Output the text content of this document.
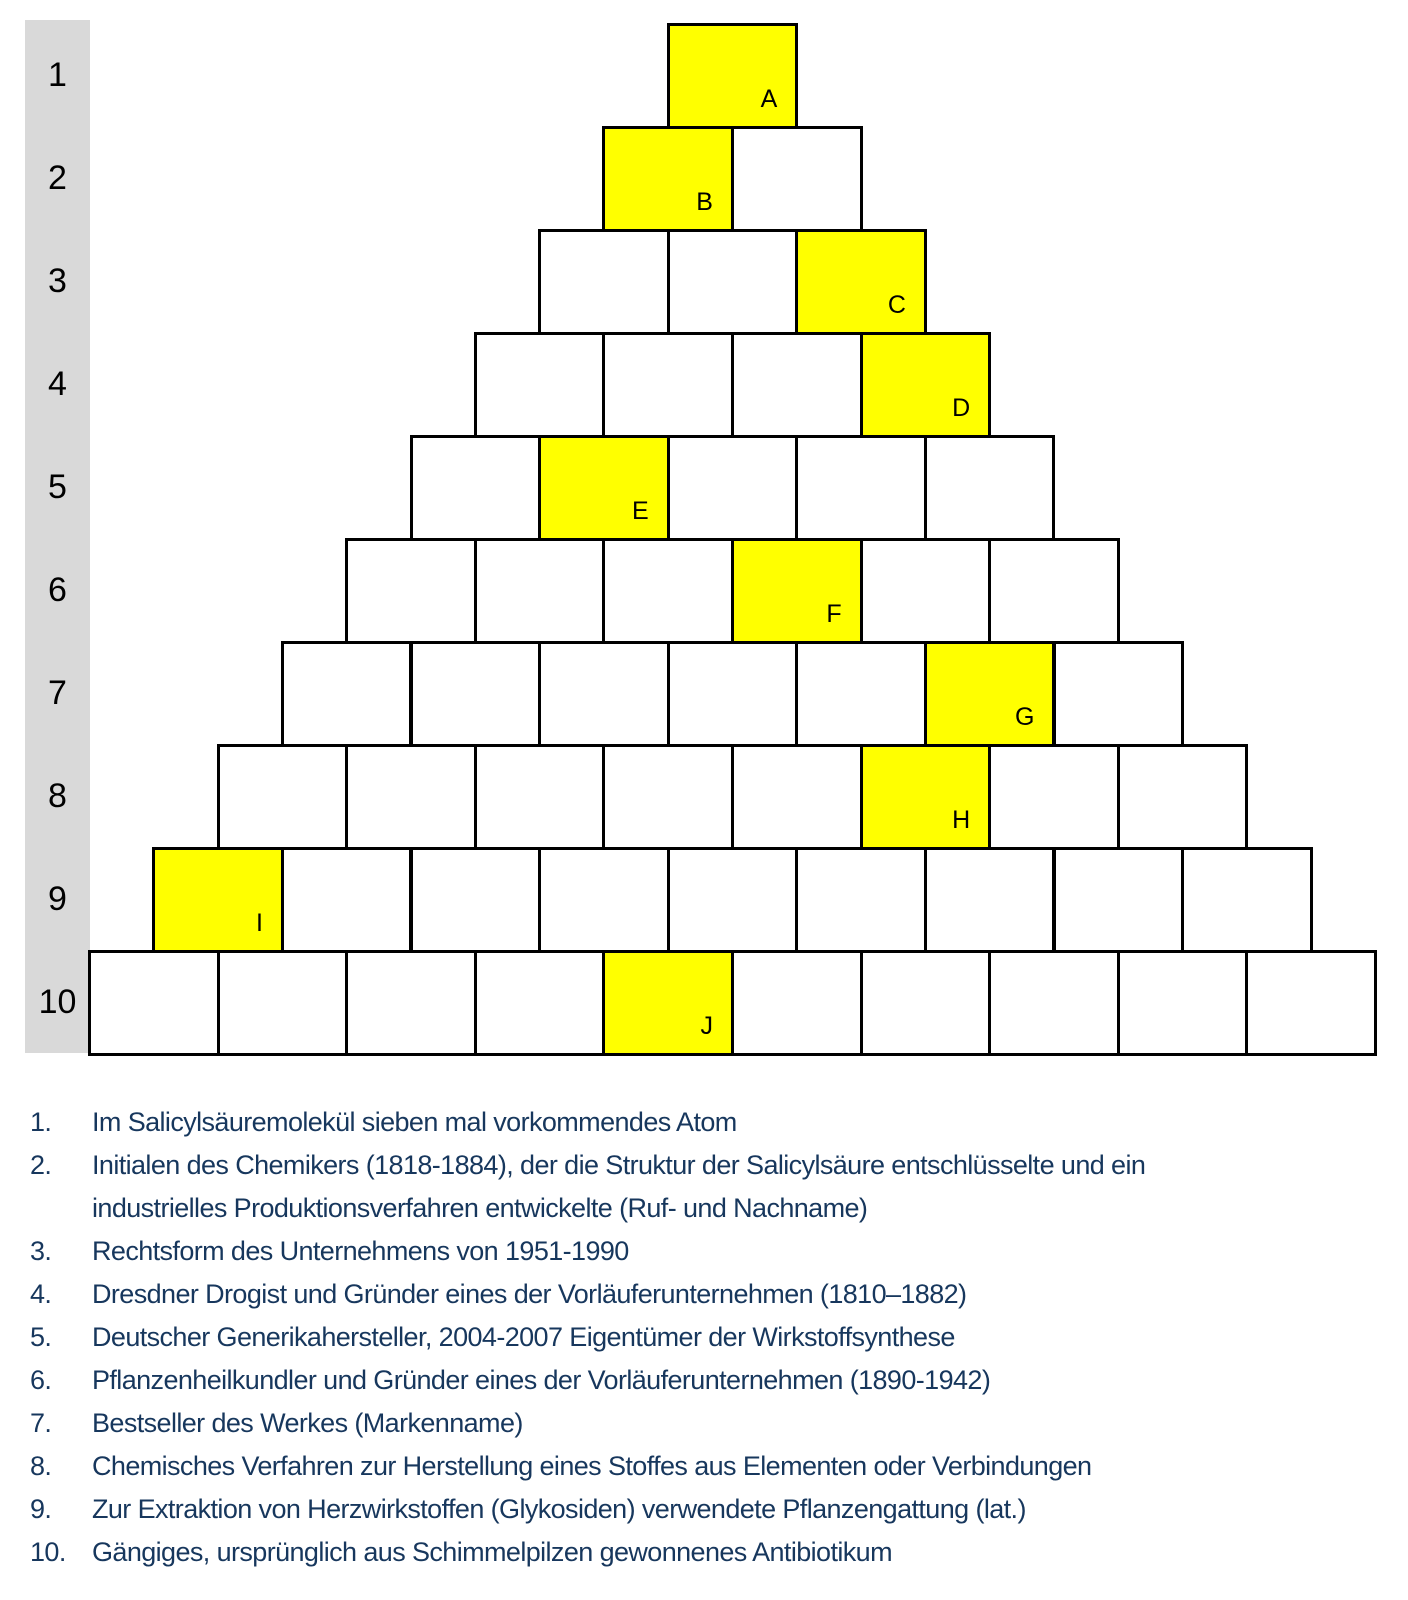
A
B
C
D
E
F
G
H
I
J
1. Im Salicylsäuremolekül sieben mal vorkommendes Atom
2. Initialen des Chemikers (1818-1884), der die Struktur der Salicylsäure entschlüsselte und ein
industrielles Produktionsverfahren entwickelte (Ruf- und Nachname)
3. Rechtsform des Unternehmens von 1951-1990
4. Dresdner Drogist und Gründer eines der Vorläuferunternehmen (1810–1882)
5. Deutscher Generikahersteller, 2004-2007 Eigentümer der Wirkstoffsynthese
6. Pflanzenheilkundler und Gründer eines der Vorläuferunternehmen (1890-1942)
7. Bestseller des Werkes (Markenname)
8. Chemisches Verfahren zur Herstellung eines Stoffes aus Elementen oder Verbindungen
9. Zur Extraktion von Herzwirkstoffen (Glykosiden) verwendete Pflanzengattung (lat.)
10. Gängiges, ursprünglich aus Schimmelpilzen gewonnenes Antibiotikum
1
2
3
4
5
6
7
8
9
10
